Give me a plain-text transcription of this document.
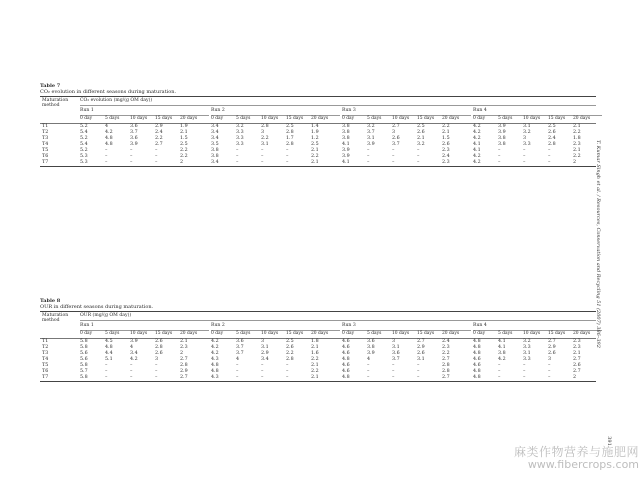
Table 7
CO₂ evolution in different seasons during maturation.
Maturation method
CO₂ evolution (mg/(g OM day))
Run 1	Run 2	Run 3	Run 4
0 day	5 days 10 days 15 days 20 days	0 day	5 days 10 days 15 days 20 days	0 day	5 days 10 days 15 days 20 days	0 day	5 days 10 days 15 days 20 days
T1	5.2	4	3.6	2.9	1.9	3.4	3.2	2.8	2.5	1.4	3.8	3.2	2.7	2.5	2.2	4.2	3.9	3.1	2.5	2.1
T2	5.4	4.2	3.7	2.4	2.1	3.4	3.3	3	2.8	1.9	3.8	3.7	3	2.6	2.1	4.2	3.9	3.2	2.6	2.2
T3	5.2	4.8	3.6	2.2	1.5	3.4	3.3	2.2	1.7	1.2	3.8	3.1	2.6	2.1	1.5	4.2	3.8	3	2.4	1.8
T4	5.4	4.8	3.9	2.7	2.5	3.5	3.3	3.1	2.8	2.5	4.1	3.9	3.7	3.2	2.6	4.1	3.8	3.3	2.8	2.3
T5	5.2	–	–	–	2.2	3.8	–	–	–	2.1	3.9	–	–	–	2.3	4.1	–	–	–	2.1
T6	5.3	–	–	–	2.2	3.8	–	–	–	2.2	3.9	–	–	–	2.4	4.2	–	–	–	2.2
T7	5.3	–	–	–	2	3.4	–	–	–	2.1	4.1	–	–	–	2.3	4.2	–	–	–	2
Table 8
OUR in different seasons during maturation.
Maturation method
OUR (mg/(g OM day))
Run 1	Run 2	Run 3	Run 4
0 day	5 days 10 days 15 days 20 days	0 day	5 days 10 days 15 days 20 days	0 day	5 days 10 days 15 days 20 days	0 day	5 days 10 days 15 days 20 days
T1	5.8	4.5	3.9	2.6	2.1	4.2	3.6	3	2.5	1.8	4.6	3.6	3	2.7	2.4	4.8	4.1	3.2	2.7	2.3
T2	5.8	4.8	4	2.8	2.3	4.2	3.7	3.1	2.6	2.1	4.6	3.8	3.1	2.9	2.3	4.8	4.1	3.3	2.9	2.3
T3	5.6	4.4	3.4	2.6	2	4.2	3.7	2.9	2.2	1.6	4.6	3.9	3.6	2.6	2.2	4.8	3.8	3.1	2.6	2.1
T4	5.6	5.1	4.2	3	2.7	4.3	4	3.4	2.8	2.2	4.8	4	3.7	3.1	2.7	4.6	4.2	3.3	3	2.7
T5	5.8	–	–	–	2.8	4.8	–	–	–	2.1	4.6	–	–	–	2.8	4.6	–	–	–	2.6
T6	5.7	–	–	–	2.9	4.8	–	–	–	2.2	4.6	–	–	–	2.8	4.8	–	–	–	2.7
T7	5.8	–	–	–	2.7	4.3	–	–	–	2.1	4.8	–	–	–	2.7	4.8	–	–	–	2
T. Kumar Singh et al. / Resources, Conservation and Recycling 51 (2007) 386–392
391
麻类作物营养与施肥网
www.fibercrops.com
